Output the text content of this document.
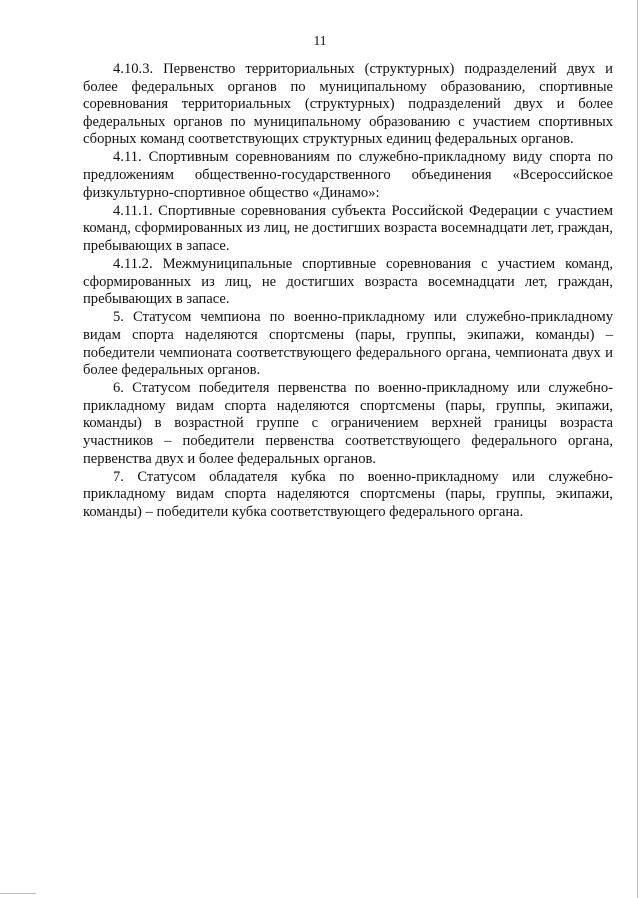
11

4.10.3. Первенство территориальных (структурных) подразделений двух и более федеральных органов по муниципальному образованию, спортивные соревнования территориальных (структурных) подразделений двух и более федеральных органов по муниципальному образованию с участием спортивных сборных команд соответствующих структурных единиц федеральных органов.

4.11. Спортивным соревнованиям по служебно-прикладному виду спорта по предложениям общественно-государственного объединения «Всероссийское физкультурно-спортивное общество «Динамо»:

4.11.1. Спортивные соревнования субъекта Российской Федерации с участием команд, сформированных из лиц, не достигших возраста восемнадцати лет, граждан, пребывающих в запасе.

4.11.2. Межмуниципальные спортивные соревнования с участием команд, сформированных из лиц, не достигших возраста восемнадцати лет, граждан, пребывающих в запасе.

5. Статусом чемпиона по военно-прикладному или служебно-прикладному видам спорта наделяются спортсмены (пары, группы, экипажи, команды) – победители чемпионата соответствующего федерального органа, чемпионата двух и более федеральных органов.

6. Статусом победителя первенства по военно-прикладному или служебно-прикладному видам спорта наделяются спортсмены (пары, группы, экипажи, команды) в возрастной группе с ограничением верхней границы возраста участников – победители первенства соответствующего федерального органа, первенства двух и более федеральных органов.

7. Статусом обладателя кубка по военно-прикладному или служебно-прикладному видам спорта наделяются спортсмены (пары, группы, экипажи, команды) – победители кубка соответствующего федерального органа.
